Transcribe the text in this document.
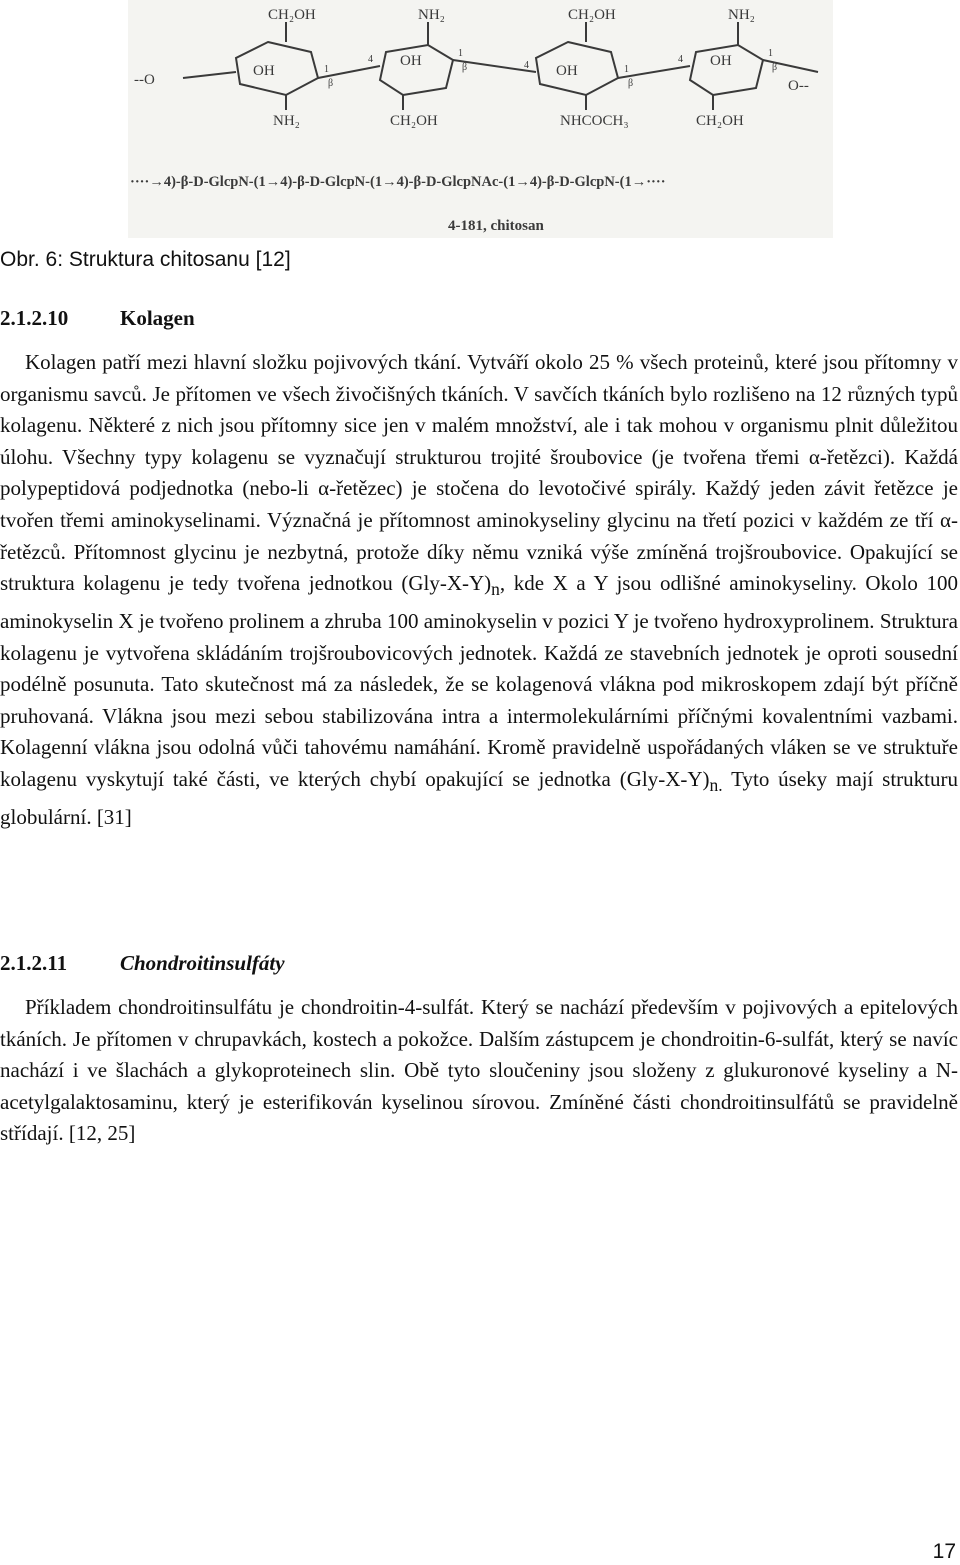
CH₂OH	NH₂	CH₂OH	NH₂
OH
OH
OH
OH
NH₂	CH₂OH	NHCOCH₃	CH₂OH
--O	O--
1
4
1
4	1
4
1
β
β
β
β
····→4)-β-D-GlcpN-(1→4)-β-D-GlcpN-(1→4)-β-D-GlcpNAc-(1→4)-β-D-GlcpN-(1→····
4-181, chitosan
Obr. 6: Struktura chitosanu [12]
2.1.2.10 Kolagen

Kolagen patří mezi hlavní složku pojivových tkání. Vytváří okolo 25 % všech proteinů, které jsou přítomny v organismu savců. Je přítomen ve všech živočišných tkáních. V savčích tkáních bylo rozlišeno na 12 různých typů kolagenu. Některé z nich jsou přítomny sice jen v malém množství, ale i tak mohou v organismu plnit důležitou úlohu. Všechny typy kolagenu se vyznačují strukturou trojité šroubovice (je tvořena třemi α-řetězci). Každá polypeptidová podjednotka (nebo-li α-řetězec) je stočena do levotočivé spirály. Každý jeden závit řetězce je tvořen třemi aminokyselinami. Význačná je přítomnost aminokyseliny glycinu na třetí pozici v každém ze tří α-řetězců. Přítomnost glycinu je nezbytná, protože díky němu vzniká výše zmíněná trojšroubovice. Opakující se struktura kolagenu je tedy tvořena jednotkou $(Gly-X-Y)_n$, kde X a Y jsou odlišné aminokyseliny. Okolo 100 aminokyselin X je tvořeno prolinem a zhruba 100 aminokyselin v pozici Y je tvořeno hydroxyprolinem. Struktura kolagenu je vytvořena skládáním trojšroubovicových jednotek. Každá ze stavebních jednotek je oproti sousední podélně posunuta. Tato skutečnost má za následek, že se kolagenová vlákna pod mikroskopem zdají být příčně pruhovaná. Vlákna jsou mezi sebou stabilizována intra a intermolekulárními příčnými kovalentními vazbami. Kolagenní vlákna jsou odolná vůči tahovému namáhání. Kromě pravidelně uspořádaných vláken se ve struktuře kolagenu vyskytují také části, ve kterých chybí opakující se jednotka $(Gly-X-Y)_{n.}$ Tyto úseky mají strukturu globulární. [31]

2.1.2.11	Chondroitinsulfáty

Příkladem chondroitinsulfátu je chondroitin-4-sulfát. Který se nachází především v pojivových a epitelových tkáních. Je přítomen v chrupavkách, kostech a pokožce. Dalším zástupcem je chondroitin-6-sulfát, který se navíc nachází i ve šlachách a glykoproteinech slin. Obě tyto sloučeniny jsou složeny z glukuronové kyseliny a N-acetylgalaktosaminu, který je esterifikován kyselinou sírovou. Zmíněné části chondroitinsulfátů se pravidelně střídají. [12, 25]

17
